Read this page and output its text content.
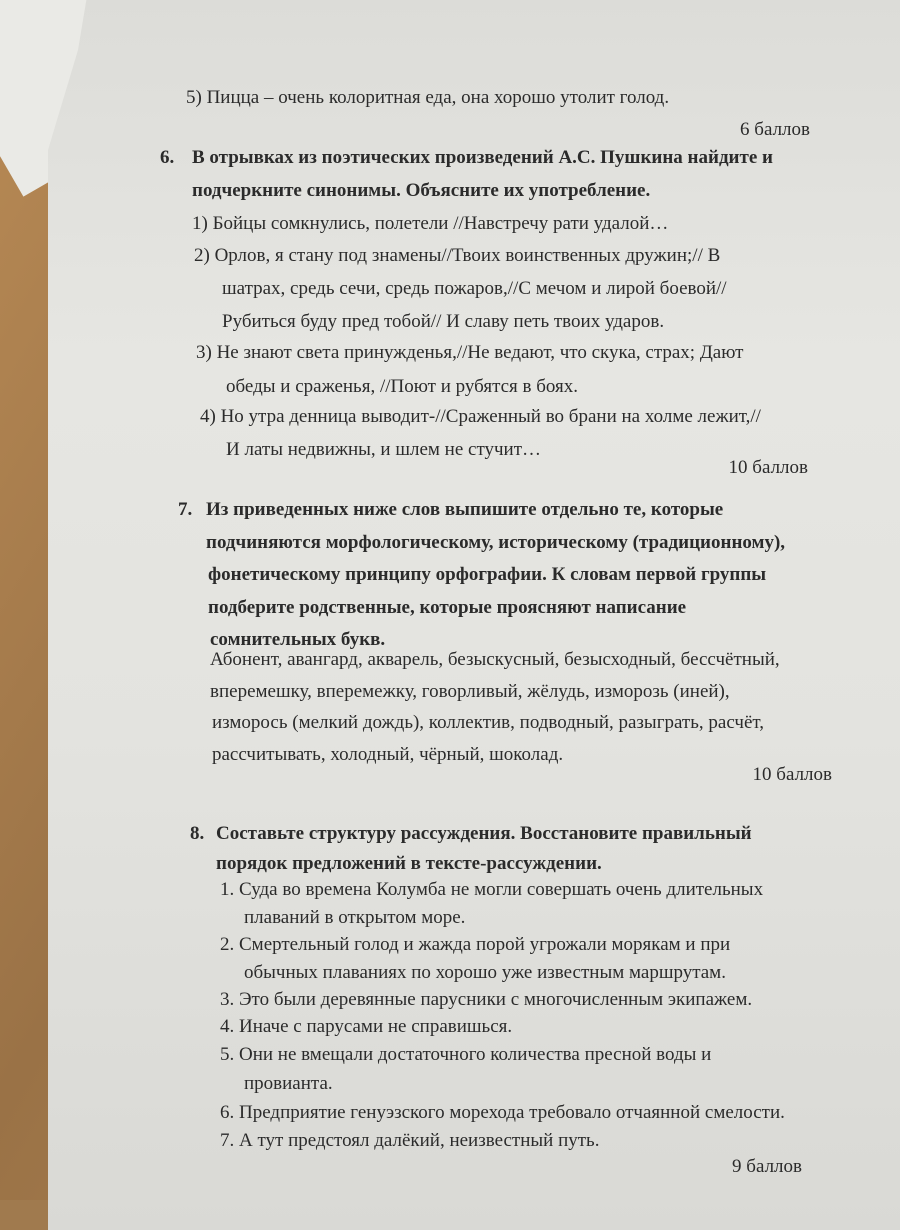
5) Пицца – очень колоритная еда, она хорошо утолит голод.
6 баллов
6. В отрывках из поэтических произведений А.С. Пушкина найдите и
подчеркните синонимы. Объясните их употребление.
1) Бойцы сомкнулись, полетели //Навстречу рати удалой…
2) Орлов, я стану под знамены//Твоих воинственных дружин;// В
шатрах, средь сечи, средь пожаров,//С мечом и лирой боевой//
Рубиться буду пред тобой// И славу петь твоих ударов.
3) Не знают света принужденья,//Не ведают, что скука, страх; Дают
обеды и сраженья, //Поют и рубятся в боях.
4) Но утра денница выводит-//Сраженный во брани на холме лежит,//
И латы недвижны, и шлем не стучит…
10 баллов
7. Из приведенных ниже слов выпишите отдельно те, которые
подчиняются морфологическому, историческому (традиционному),
фонетическому принципу орфографии. К словам первой группы
подберите родственные, которые проясняют написание
сомнительных букв.
Абонент, авангард, акварель, безыскусный, безысходный, бессчётный,
вперемешку, вперемежку, говорливый, жёлудь, изморозь (иней),
изморось (мелкий дождь), коллектив, подводный, разыграть, расчёт,
рассчитывать, холодный, чёрный, шоколад.
10 баллов
8. Составьте структуру рассуждения. Восстановите правильный
порядок предложений в тексте-рассуждении.
1. Суда во времена Колумба не могли совершать очень длительных
плаваний в открытом море.
2. Смертельный голод и жажда порой угрожали морякам и при
обычных плаваниях по хорошо уже известным маршрутам.
3. Это были деревянные парусники с многочисленным экипажем.
4. Иначе с парусами не справишься.
5. Они не вмещали достаточного количества пресной воды и
провианта.
6. Предприятие генуэзского морехода требовало отчаянной смелости.
7. А тут предстоял далёкий, неизвестный путь.
9 баллов
